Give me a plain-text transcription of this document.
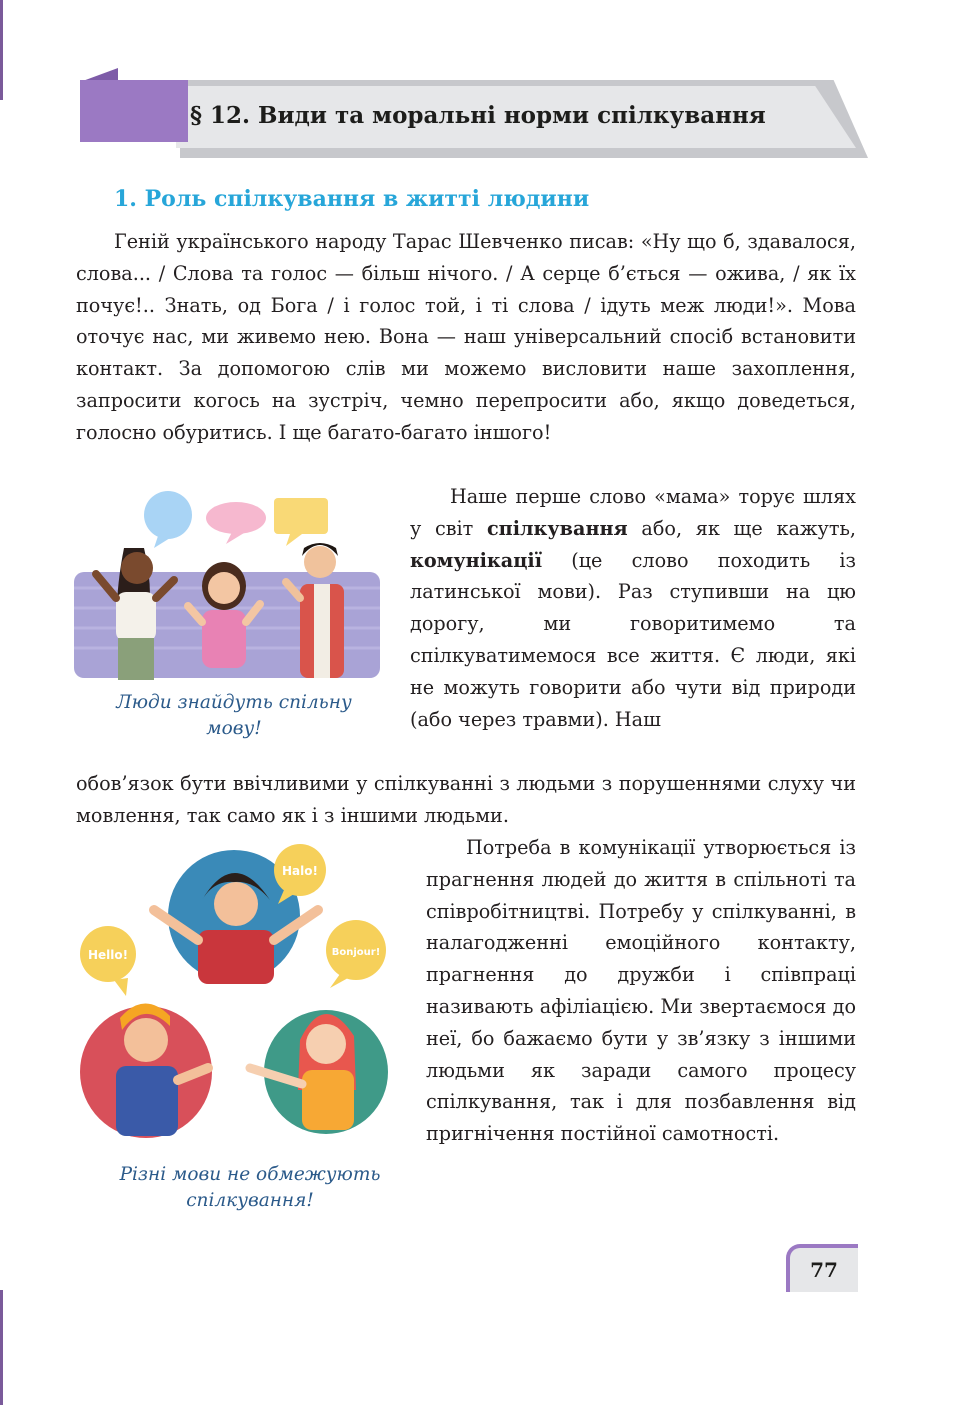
§ 12. Види та моральні норми спілкування
1. Роль спілкування в житті людини

Геній українського народу Тарас Шевченко писав: «Ну що б, здавалося, слова... / Слова та голос — більш нічого. / А серце б’ється — ожива, / як їх почує!.. Знать, од Бога / і голос той, і ті слова / ідуть меж люди!». Мова оточує нас, ми живемо нею. Вона — наш універсальний спосіб встановити контакт. За допомогою слів ми можемо висловити наше захоплення, запросити когось на зустріч, чемно перепросити або, якщо доведеться, голосно обуритись. І ще багато-багато іншого!

Люди знайдуть спільну мову!

Наше перше слово «мама» торує шлях у світ спілкування або, як ще кажуть, комунікації (це слово походить із латинської мови). Раз ступивши на цю дорогу, ми говоритимемо та спілкуватимемося все життя. Є люди, які не можуть говорити або чути від природи (або через травми). Наш

обов’язок бути ввічливими у спілкуванні з людьми з порушеннями слуху чи мовлення, так само як і з іншими людьми.

Hello!
Halo!
Bonjour!
Різні мови не обмежують спілкування!

Потреба в комунікації утворюється із прагнення людей до життя в спільноті та співробітництві. Потребу у спілкуванні, в налагодженні емоційного контакту, прагнення до дружби і співпраці називають афіліацією. Ми звертаємося до неї, бо бажаємо бути у зв’язку з іншими людьми як заради самого процесу спілкування, так і для позбавлення від пригнічення постійної самотності.

77
